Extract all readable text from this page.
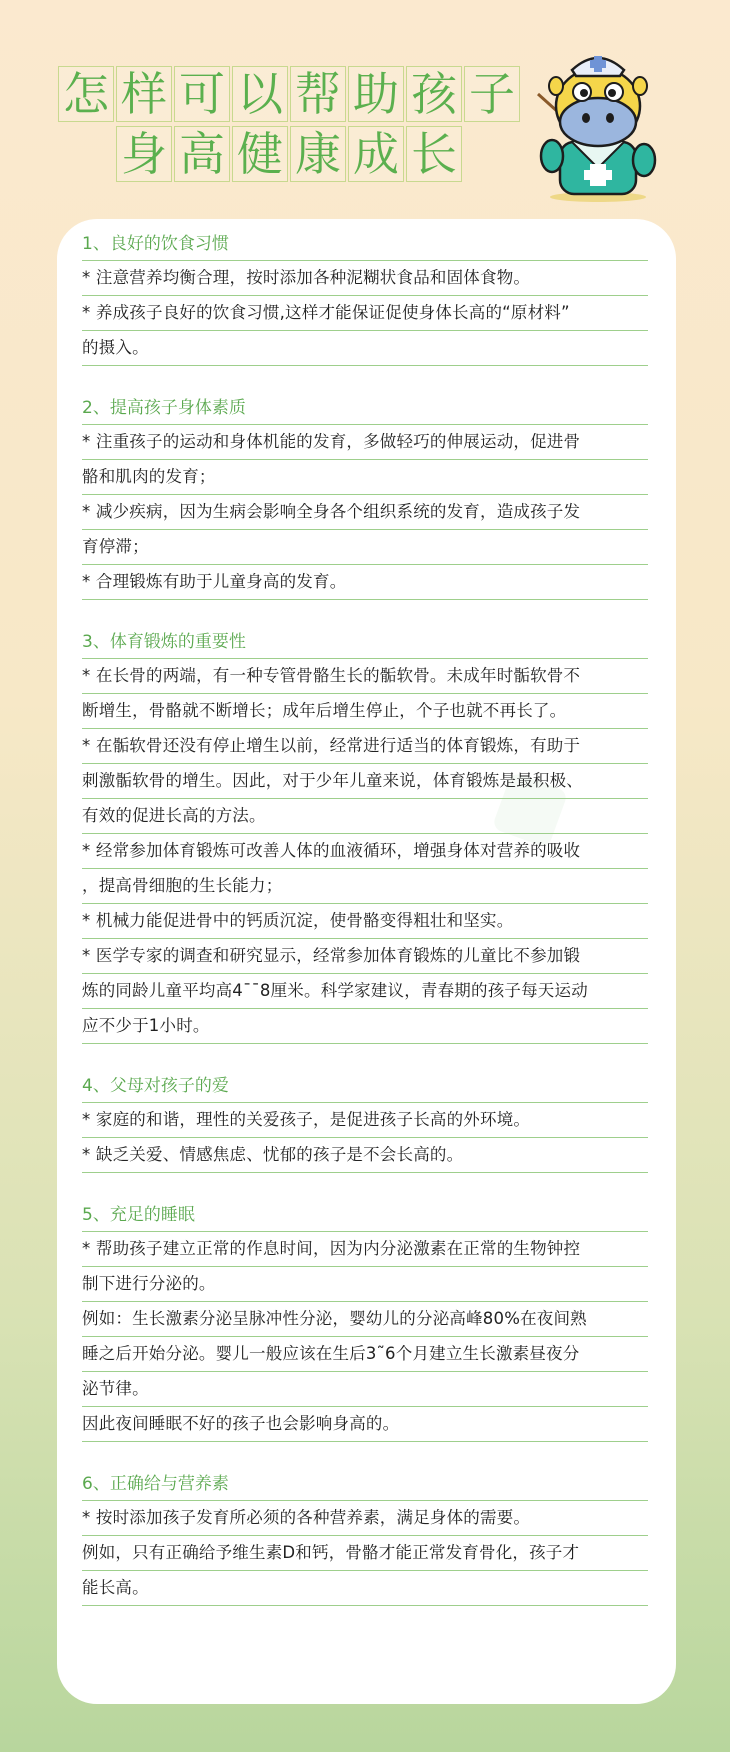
怎 样 可 以 帮 助 孩 子
身 高 健 康 成 长
1、良好的饮食习惯
* 注意营养均衡合理，按时添加各种泥糊状食品和固体食物。
* 养成孩子良好的饮食习惯,这样才能保证促使身体长高的“原材料”
的摄入。
2、提高孩子身体素质
* 注重孩子的运动和身体机能的发育，多做轻巧的伸展运动，促进骨
骼和肌肉的发育；
* 减少疾病，因为生病会影响全身各个组织系统的发育，造成孩子发
育停滞；
* 合理锻炼有助于儿童身高的发育。
3、体育锻炼的重要性
* 在长骨的两端，有一种专管骨骼生长的骺软骨。未成年时骺软骨不
断增生，骨骼就不断增长；成年后增生停止，个子也就不再长了。
* 在骺软骨还没有停止增生以前，经常进行适当的体育锻炼，有助于
刺激骺软骨的增生。因此，对于少年儿童来说，体育锻炼是最积极、
有效的促进长高的方法。
* 经常参加体育锻炼可改善人体的血液循环，增强身体对营养的吸收
，提高骨细胞的生长能力；
* 机械力能促进骨中的钙质沉淀，使骨骼变得粗壮和坚实。
* 医学专家的调查和研究显示，经常参加体育锻炼的儿童比不参加锻
炼的同龄儿童平均高4¯¯8厘米。科学家建议，青春期的孩子每天运动
应不少于1小时。
4、父母对孩子的爱
* 家庭的和谐，理性的关爱孩子，是促进孩子长高的外环境。
* 缺乏关爱、情感焦虑、忧郁的孩子是不会长高的。
5、充足的睡眠
* 帮助孩子建立正常的作息时间，因为内分泌激素在正常的生物钟控
制下进行分泌的。
例如：生长激素分泌呈脉冲性分泌，婴幼儿的分泌高峰80%在夜间熟
睡之后开始分泌。婴儿一般应该在生后3˜6个月建立生长激素昼夜分
泌节律。
因此夜间睡眠不好的孩子也会影响身高的。
6、正确给与营养素
* 按时添加孩子发育所必须的各种营养素，满足身体的需要。
例如，只有正确给予维生素D和钙，骨骼才能正常发育骨化，孩子才
能长高。
